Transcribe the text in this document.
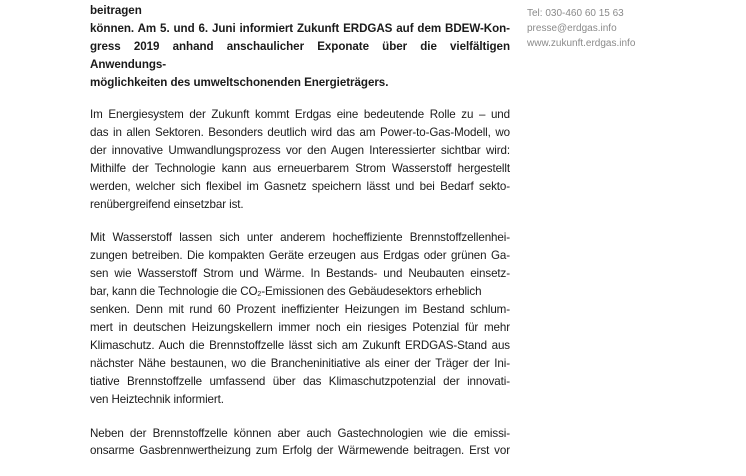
beitragen
können. Am 5. und 6. Juni informiert Zukunft ERDGAS auf dem BDEW-Kon-
gress 2019 anhand anschaulicher Exponate über die vielfältigen Anwendungs-
möglichkeiten des umweltschonenden Energieträgers.
Im Energiesystem der Zukunft kommt Erdgas eine bedeutende Rolle zu – und
das in allen Sektoren. Besonders deutlich wird das am Power-to-Gas-Modell, wo
der innovative Umwandlungsprozess vor den Augen Interessierter sichtbar wird:
Mithilfe der Technologie kann aus erneuerbarem Strom Wasserstoff hergestellt
werden, welcher sich flexibel im Gasnetz speichern lässt und bei Bedarf sekto-
renübergreifend einsetzbar ist.
Mit Wasserstoff lassen sich unter anderem hocheffiziente Brennstoffzellenhei-
zungen betreiben. Die kompakten Geräte erzeugen aus Erdgas oder grünen Ga-
sen wie Wasserstoff Strom und Wärme. In Bestands- und Neubauten einsetz-
bar, kann die Technologie die $CO_2$-Emissionen des Gebäudesektors erheblich
senken. Denn mit rund 60 Prozent ineffizienter Heizungen im Bestand schlum-
mert in deutschen Heizungskellern immer noch ein riesiges Potenzial für mehr
Klimaschutz. Auch die Brennstoffzelle lässt sich am Zukunft ERDGAS-Stand aus
nächster Nähe bestaunen, wo die Brancheninitiative als einer der Träger der Ini-
tiative Brennstoffzelle umfassend über das Klimaschutzpotenzial der innovati-
ven Heiztechnik informiert.
Neben der Brennstoffzelle können aber auch Gastechnologien wie die emissi-
onsarme Gasbrennwertheizung zum Erfolg der Wärmewende beitragen. Erst vor
Tel: 030-460 60 15 63
presse@erdgas.info
www.zukunft.erdgas.info
